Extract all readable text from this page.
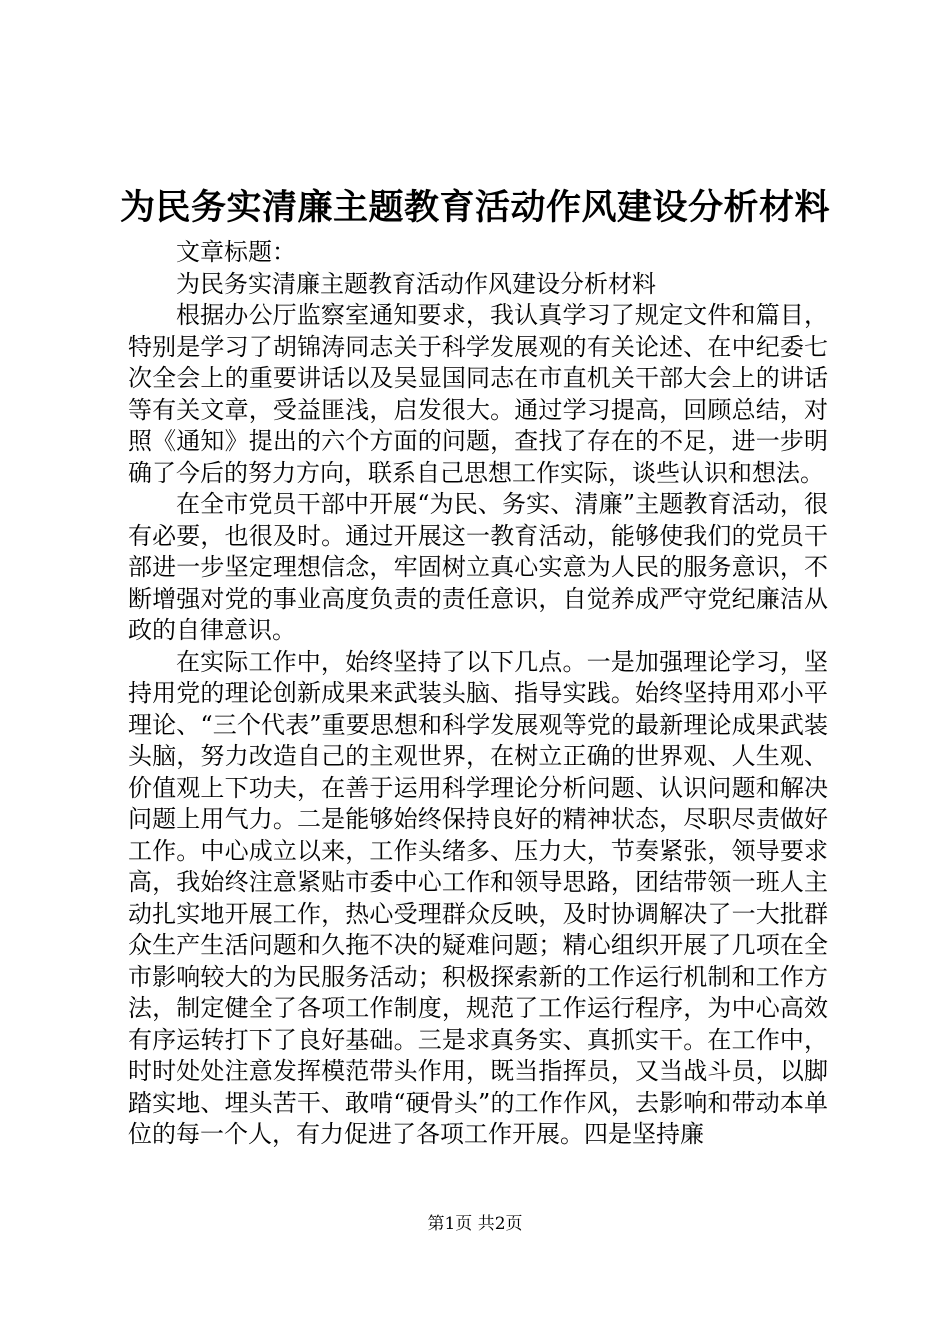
为民务实清廉主题教育活动作风建设分析材料

文章标题：

为民务实清廉主题教育活动作风建设分析材料

根据办公厅监察室通知要求，我认真学习了规定文件和篇目，特别是学习了胡锦涛同志关于科学发展观的有关论述、在中纪委七次全会上的重要讲话以及吴显国同志在市直机关干部大会上的讲话等有关文章，受益匪浅，启发很大。通过学习提高，回顾总结，对照《通知》提出的六个方面的问题，查找了存在的不足，进一步明确了今后的努力方向，联系自己思想工作实际，谈些认识和想法。

在全市党员干部中开展“为民、务实、清廉”主题教育活动，很有必要，也很及时。通过开展这一教育活动，能够使我们的党员干部进一步坚定理想信念，牢固树立真心实意为人民的服务意识，不断增强对党的事业高度负责的责任意识，自觉养成严守党纪廉洁从政的自律意识。

在实际工作中，始终坚持了以下几点。一是加强理论学习，坚持用党的理论创新成果来武装头脑、指导实践。始终坚持用邓小平理论、“三个代表”重要思想和科学发展观等党的最新理论成果武装头脑，努力改造自己的主观世界，在树立正确的世界观、人生观、价值观上下功夫，在善于运用科学理论分析问题、认识问题和解决问题上用气力。二是能够始终保持良好的精神状态，尽职尽责做好工作。中心成立以来，工作头绪多、压力大，节奏紧张，领导要求高，我始终注意紧贴市委中心工作和领导思路，团结带领一班人主动扎实地开展工作，热心受理群众反映，及时协调解决了一大批群众生产生活问题和久拖不决的疑难问题；精心组织开展了几项在全市影响较大的为民服务活动；积极探索新的工作运行机制和工作方法，制定健全了各项工作制度，规范了工作运行程序，为中心高效有序运转打下了良好基础。三是求真务实、真抓实干。在工作中，时时处处注意发挥模范带头作用，既当指挥员，又当战斗员，以脚踏实地、埋头苦干、敢啃“硬骨头”的工作作风，去影响和带动本单位的每一个人，有力促进了各项工作开展。四是坚持廉

第1页 共2页
